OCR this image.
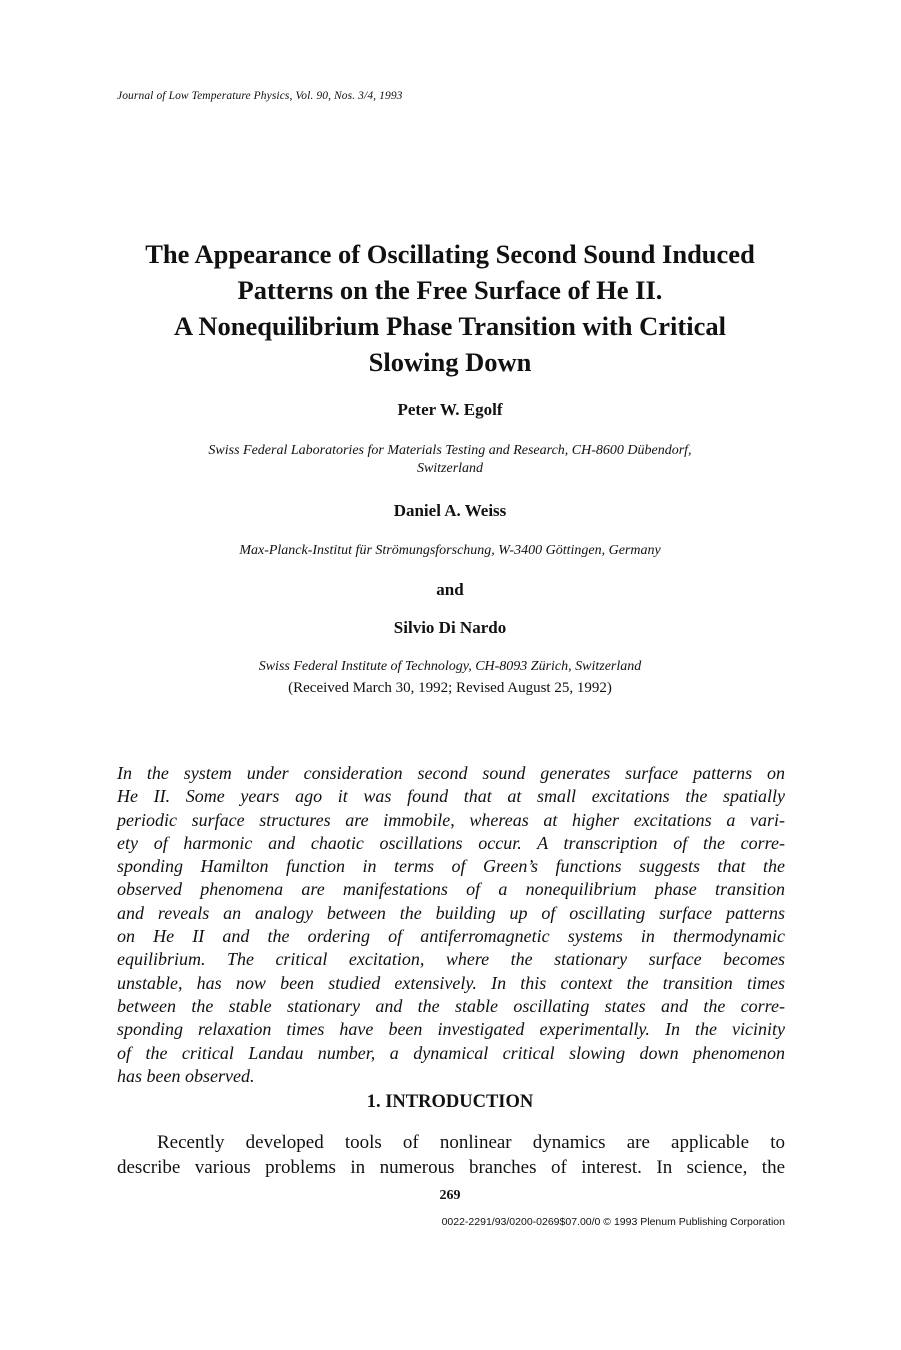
Journal of Low Temperature Physics, Vol. 90, Nos. 3/4, 1993
The Appearance of Oscillating Second Sound Induced
Patterns on the Free Surface of He II.
A Nonequilibrium Phase Transition with Critical
Slowing Down
Peter W. Egolf
Swiss Federal Laboratories for Materials Testing and Research, CH-8600 Dübendorf,
Switzerland
Daniel A. Weiss
Max-Planck-Institut für Strömungsforschung, W-3400 Göttingen, Germany
and
Silvio Di Nardo
Swiss Federal Institute of Technology, CH-8093 Zürich, Switzerland
(Received March 30, 1992; Revised August 25, 1992)
In the system under consideration second sound generates surface patterns on
He II. Some years ago it was found that at small excitations the spatially
periodic surface structures are immobile, whereas at higher excitations a vari-
ety of harmonic and chaotic oscillations occur. A transcription of the corre-
sponding Hamilton function in terms of Green’s functions suggests that the
observed phenomena are manifestations of a nonequilibrium phase transition
and reveals an analogy between the building up of oscillating surface patterns
on He II and the ordering of antiferromagnetic systems in thermodynamic
equilibrium. The critical excitation, where the stationary surface becomes
unstable, has now been studied extensively. In this context the transition times
between the stable stationary and the stable oscillating states and the corre-
sponding relaxation times have been investigated experimentally. In the vicinity
of the critical Landau number, a dynamical critical slowing down phenomenon
has been observed.
1. INTRODUCTION
Recently developed tools of nonlinear dynamics are applicable to
describe various problems in numerous branches of interest. In science, the
269
0022-2291/93/0200-0269$07.00/0 © 1993 Plenum Publishing Corporation
